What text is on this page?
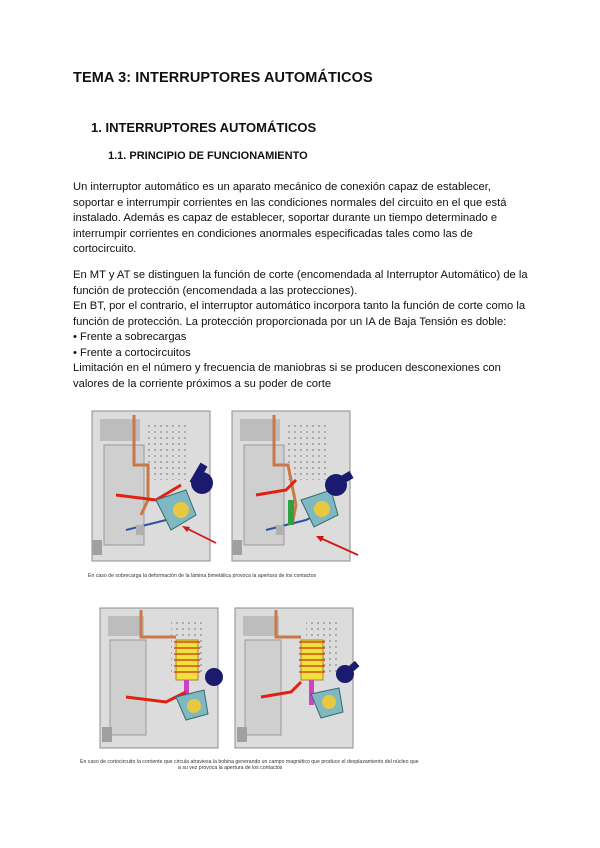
TEMA 3: INTERRUPTORES AUTOMÁTICOS
1. INTERRUPTORES AUTOMÁTICOS
1.1. PRINCIPIO DE FUNCIONAMIENTO

Un interruptor automático es un aparato mecánico de conexión capaz de establecer, soportar e interrumpir corrientes en las condiciones normales del circuito en el que está instalado. Además es capaz de establecer, soportar durante un tiempo determinado e interrumpir corrientes en condiciones anormales especificadas tales como las de cortocircuito.

En MT y AT se distinguen la función de corte (encomendada al Interruptor Automático) de la función de protección (encomendada a las protecciones).
En BT, por el contrario, el interruptor automático incorpora tanto la función de corte como la función de protección. La protección proporcionada por un IA de Baja Tensión es doble:
• Frente a sobrecargas
• Frente a cortocircuitos
Limitación en el número y frecuencia de maniobras si se producen desconexiones con valores de la corriente próximos a su poder de corte

En caso de sobrecarga la deformación de la lámina bimetálica provoca la apertura de los contactos
En caso de cortocircuito la corriente que circula atraviesa la bobina generando un campo magnético que produce el desplazamiento del núcleo que
a su vez provoca la apertura de los contactos
